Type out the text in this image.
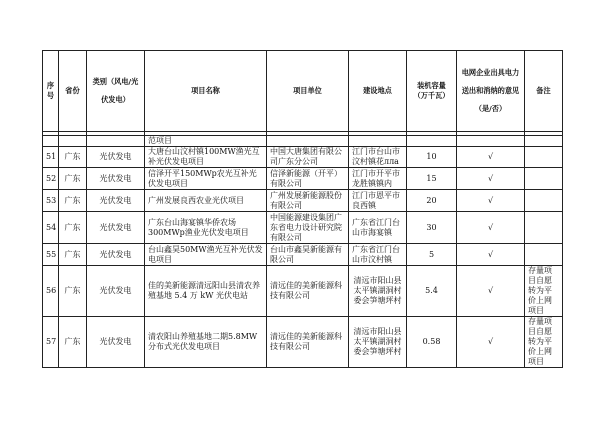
序号	省份	类别（风电/光伏发电）	项目名称	项目单位	建设地点	装机容量（万千瓦）	电网企业出具电力送出和消纳的意见（是/否）	备注

			范项目					
51	广东	光伏发电	大唐台山汶村镇100MW渔光互补光伏发电项目	中国大唐集团有限公司广东分公司	江门市台山市汶村镇花лла	10	√	
52	广东	光伏发电	信泽开平150MWp农光互补光伏发电项目	信泽新能源（开平）有限公司	江门市开平市龙胜镇镇内	15	√	
53	广东	光伏发电	广州发展良西农业光伏项目	广州发展新能源股份有限公司	江门市恩平市良西镇	20	√	
54	广东	光伏发电	广东台山海宴镇华侨农场300MWp渔业光伏发电项目	中国能源建设集团广东省电力设计研究院有限公司	广东省江门台山市海宴镇	30	√	
55	广东	光伏发电	台山鑫昊50MW渔光互补光伏发电项目	台山市鑫昊新能源有限公司	广东省江门台山市汶村镇	5	√	
56	广东	光伏发电	佳的美新能源清远阳山县清农养殖基地 5.4 万 kW 光伏电站	清远佳的美新能源科技有限公司	清远市阳山县太平镇湖洞村委会笋塘坪村	5.4	√	存量项目自愿转为平价上网项目
57	广东	光伏发电	清农阳山养殖基地二期5.8MW分布式光伏发电项目	清远佳的美新能源科技有限公司	清远市阳山县太平镇湖洞村委会笋塘坪村	0.58	√	存量项目自愿转为平价上网项目
